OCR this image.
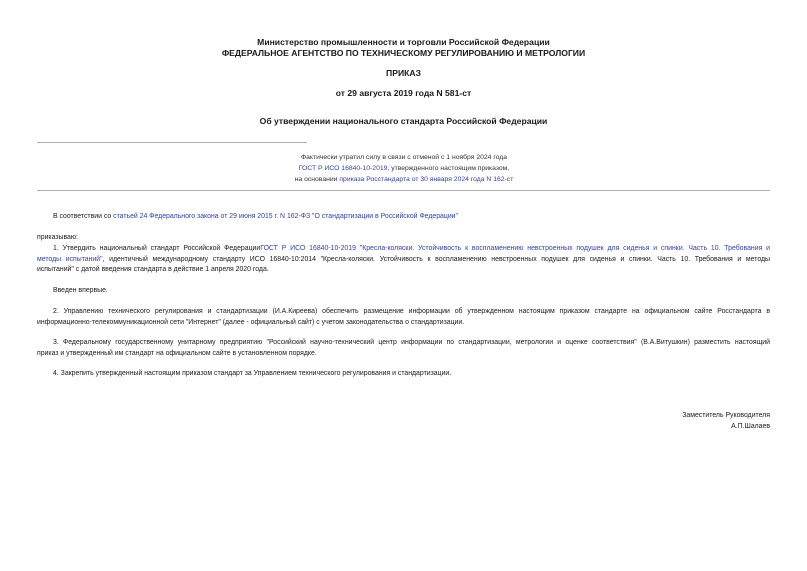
Министерство промышленности и торговли Российской Федерации
ФЕДЕРАЛЬНОЕ АГЕНТСТВО ПО ТЕХНИЧЕСКОМУ РЕГУЛИРОВАНИЮ И МЕТРОЛОГИИ
ПРИКАЗ
от 29 августа 2019 года N 581-ст
Об утверждении национального стандарта Российской Федерации
Фактически утратил силу в связи с отменой с 1 ноября 2024 года
ГОСТ Р ИСО 16840-10-2019, утвержденного настоящим приказом,
на основании приказа Росстандарта от 30 января 2024 года N 162-ст
В соответствии со статьей 24 Федерального закона от 29 июня 2015 г. N 162-ФЗ "О стандартизации в Российской Федерации"
приказываю:
1. Утвердить национальный стандарт Российской ФедерацииГОСТ Р ИСО 16840-10-2019 "Кресла-коляски. Устойчивость к воспламенению невстроенных подушек для сиденья и спинки. Часть 10. Требования и
методы испытаний", идентичный международному стандарту ИСО 16840-10:2014 "Кресла-коляски. Устойчивость к воспламенению невстроенных подушек для сиденья и спинки. Часть 10. Требования и методы
испытаний" с датой введения стандарта в действие 1 апреля 2020 года.
Введен впервые.
2. Управлению технического регулирования и стандартизации (И.А.Киреева) обеспечить размещение информации об утвержденном настоящим приказом стандарте на официальном сайте Росстандарта в
информационно-телекоммуникационной сети "Интернет" (далее - официальный сайт) с учетом законодательства о стандартизации.
3. Федеральному государственному унитарному предприятию "Российский научно-технический центр информации по стандартизации, метрологии и оценке соответствия" (В.А.Витушкин) разместить настоящий
приказ и утвержденный им стандарт на официальном сайте в установленном порядке.
4. Закрепить утвержденный настоящим приказом стандарт за Управлением технического регулирования и стандартизации.
Заместитель Руководителя
А.П.Шалаев
